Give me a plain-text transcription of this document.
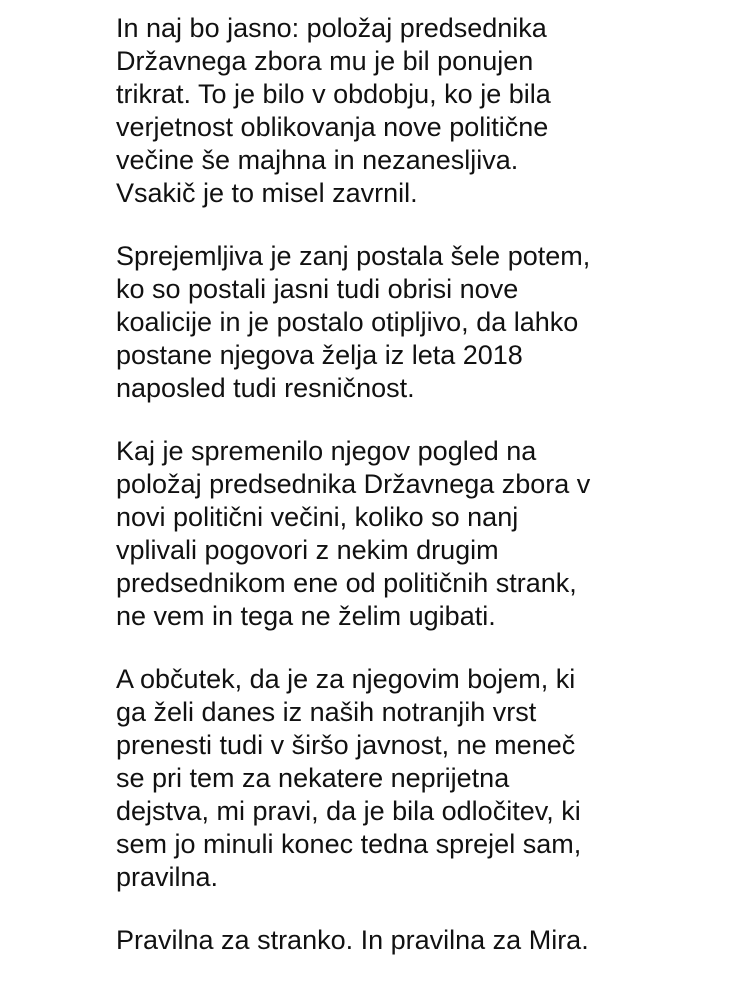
In naj bo jasno: položaj predsednika
Državnega zbora mu je bil ponujen
trikrat. To je bilo v obdobju, ko je bila
verjetnost oblikovanja nove politične
večine še majhna in nezanesljiva.
Vsakič je to misel zavrnil.

Sprejemljiva je zanj postala šele potem,
ko so postali jasni tudi obrisi nove
koalicije in je postalo otipljivo, da lahko
postane njegova želja iz leta 2018
naposled tudi resničnost.

Kaj je spremenilo njegov pogled na
položaj predsednika Državnega zbora v
novi politični večini, koliko so nanj
vplivali pogovori z nekim drugim
predsednikom ene od političnih strank,
ne vem in tega ne želim ugibati.

A občutek, da je za njegovim bojem, ki
ga želi danes iz naših notranjih vrst
prenesti tudi v širšo javnost, ne meneč
se pri tem za nekatere neprijetna
dejstva, mi pravi, da je bila odločitev, ki
sem jo minuli konec tedna sprejel sam,
pravilna.

Pravilna za stranko. In pravilna za Mira.
